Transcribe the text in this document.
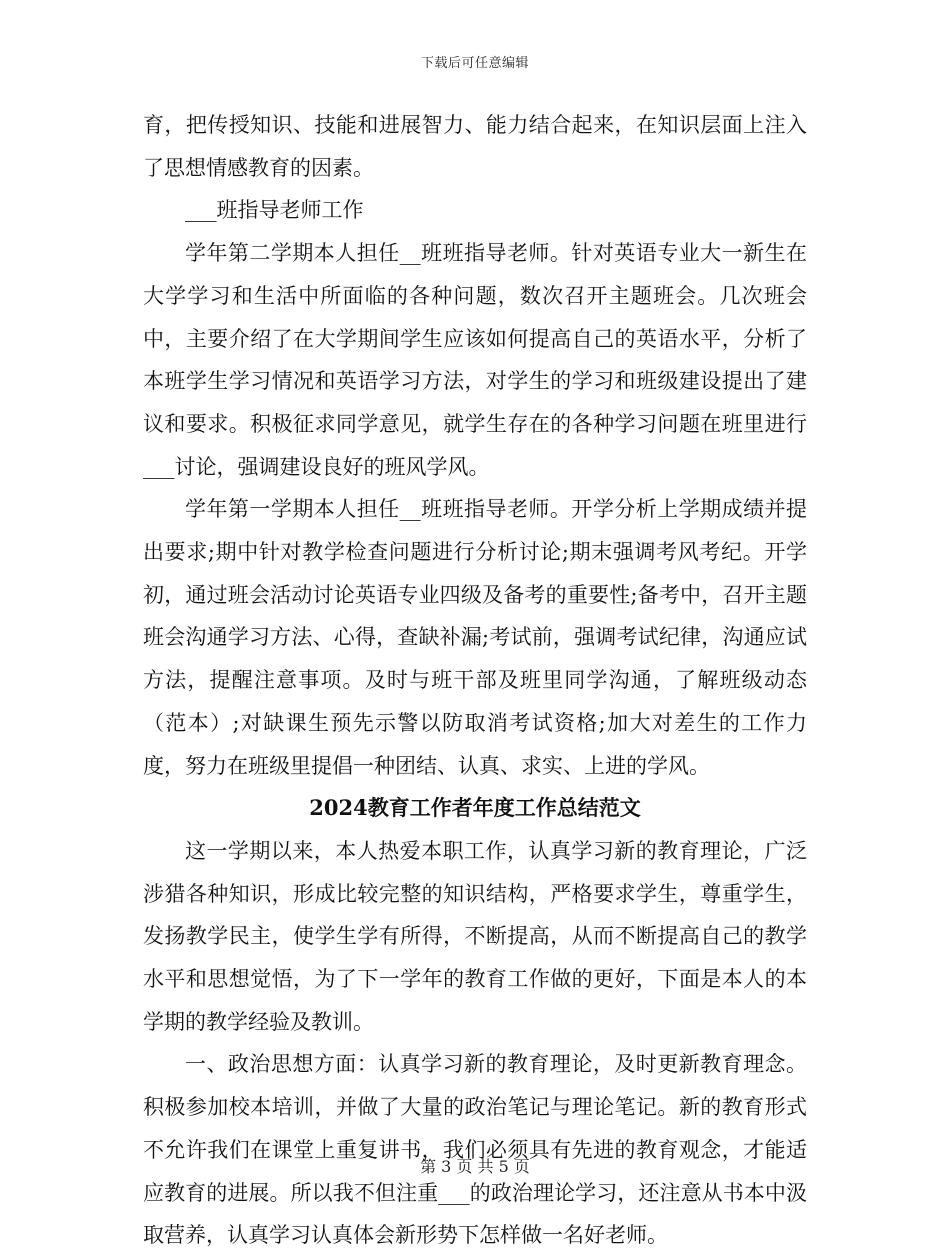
下载后可任意编辑

育，把传授知识、技能和进展智力、能力结合起来，在知识层面上注入了思想情感教育的因素。

___班指导老师工作

学年第二学期本人担任__班班指导老师。针对英语专业大一新生在大学学习和生活中所面临的各种问题，数次召开主题班会。几次班会中，主要介绍了在大学期间学生应该如何提高自己的英语水平，分析了本班学生学习情况和英语学习方法，对学生的学习和班级建设提出了建议和要求。积极征求同学意见，就学生存在的各种学习问题在班里进行___讨论，强调建设良好的班风学风。

学年第一学期本人担任__班班指导老师。开学分析上学期成绩并提出要求;期中针对教学检查问题进行分析讨论;期末强调考风考纪。开学初，通过班会活动讨论英语专业四级及备考的重要性;备考中，召开主题班会沟通学习方法、心得，查缺补漏;考试前，强调考试纪律，沟通应试方法，提醒注意事项。及时与班干部及班里同学沟通，了解班级动态（范本）;对缺课生预先示警以防取消考试资格;加大对差生的工作力度，努力在班级里提倡一种团结、认真、求实、上进的学风。

2024教育工作者年度工作总结范文

这一学期以来，本人热爱本职工作，认真学习新的教育理论，广泛涉猎各种知识，形成比较完整的知识结构，严格要求学生，尊重学生，发扬教学民主，使学生学有所得，不断提高，从而不断提高自己的教学水平和思想觉悟，为了下一学年的教育工作做的更好，下面是本人的本学期的教学经验及教训。

一、政治思想方面：认真学习新的教育理论，及时更新教育理念。积极参加校本培训，并做了大量的政治笔记与理论笔记。新的教育形式不允许我们在课堂上重复讲书，我们必须具有先进的教育观念，才能适应教育的进展。所以我不但注重___的政治理论学习，还注意从书本中汲取营养，认真学习认真体会新形势下怎样做一名好老师。

第 3 页 共 5 页
